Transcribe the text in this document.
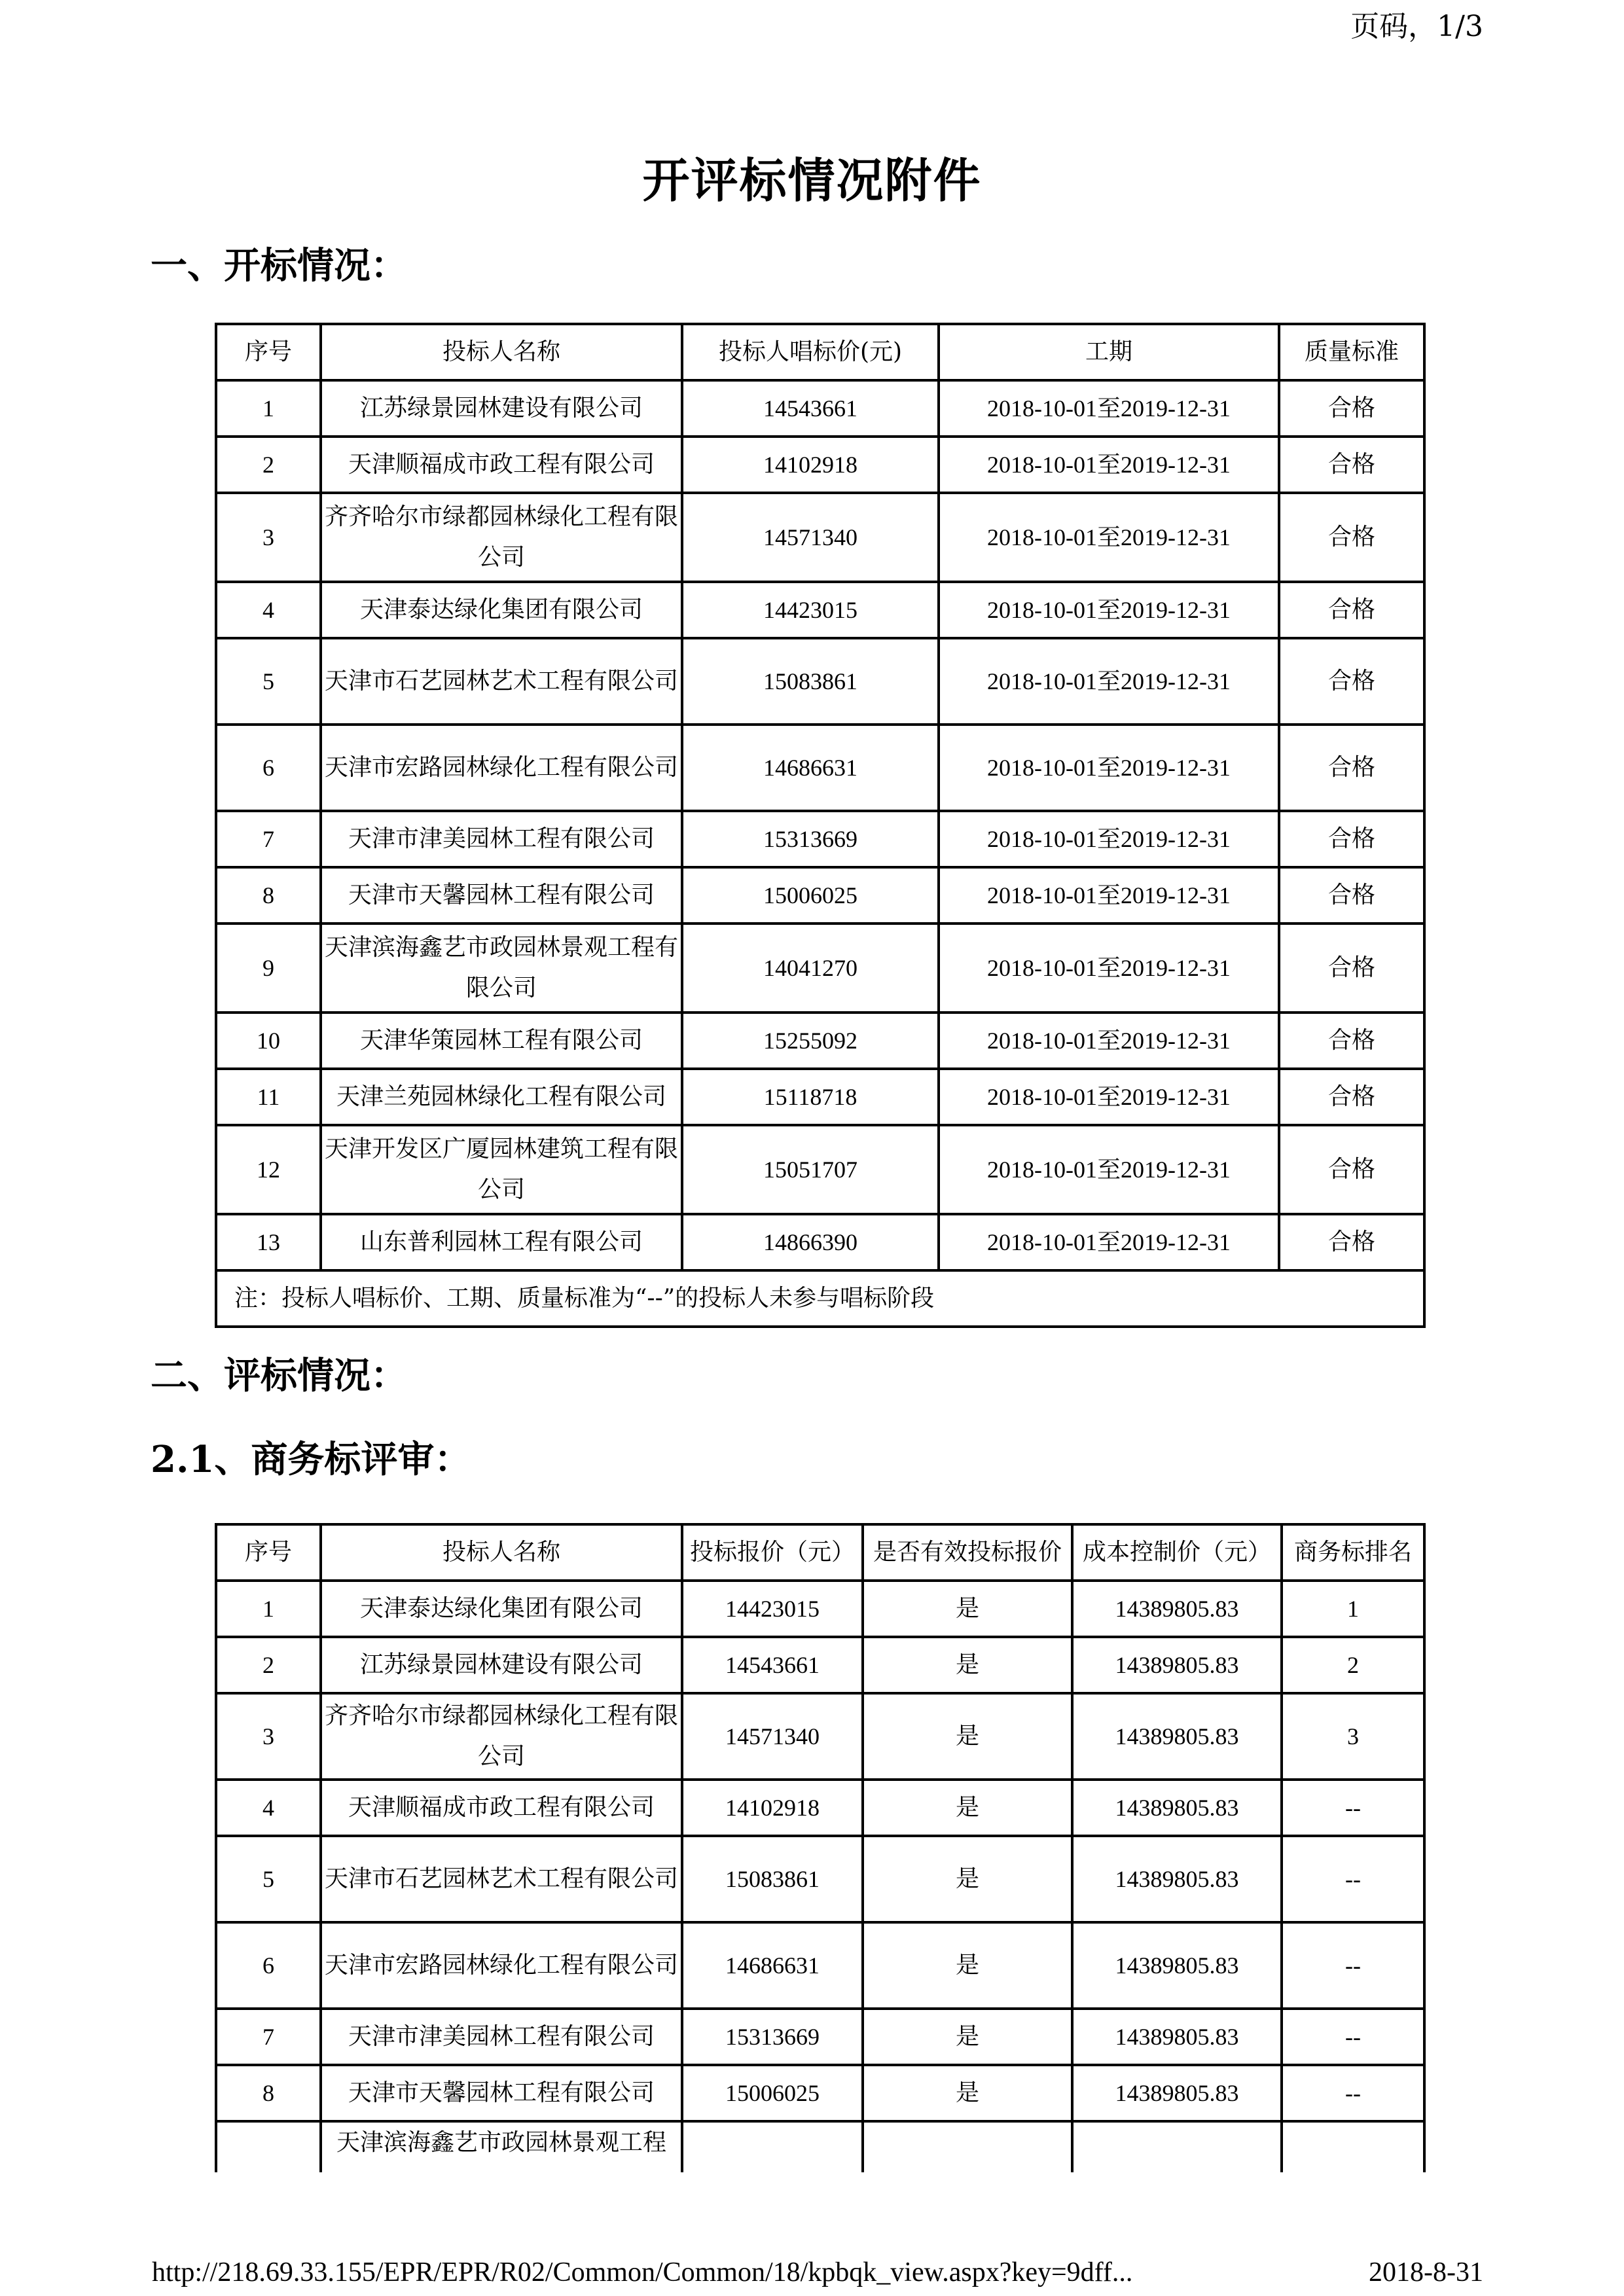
页码，1/3
开评标情况附件
一、开标情况：
序号	投标人名称	投标人唱标价(元)	工期	质量标准
1	江苏绿景园林建设有限公司	14543661	2018-10-01至2019-12-31	合格
2	天津顺福成市政工程有限公司	14102918	2018-10-01至2019-12-31	合格
3	齐齐哈尔市绿都园林绿化工程有限公司	14571340	2018-10-01至2019-12-31	合格
4	天津泰达绿化集团有限公司	14423015	2018-10-01至2019-12-31	合格
5	天津市石艺园林艺术工程有限公司	15083861	2018-10-01至2019-12-31	合格
6	天津市宏路园林绿化工程有限公司	14686631	2018-10-01至2019-12-31	合格
7	天津市津美园林工程有限公司	15313669	2018-10-01至2019-12-31	合格
8	天津市天馨园林工程有限公司	15006025	2018-10-01至2019-12-31	合格
9	天津滨海鑫艺市政园林景观工程有限公司	14041270	2018-10-01至2019-12-31	合格
10	天津华策园林工程有限公司	15255092	2018-10-01至2019-12-31	合格
11	天津兰苑园林绿化工程有限公司	15118718	2018-10-01至2019-12-31	合格
12	天津开发区广厦园林建筑工程有限公司	15051707	2018-10-01至2019-12-31	合格
13	山东普利园林工程有限公司	14866390	2018-10-01至2019-12-31	合格
注：投标人唱标价、工期、质量标准为“--”的投标人未参与唱标阶段				
二、评标情况：
2.1、商务标评审：
序号	投标人名称	投标报价（元）	是否有效投标报价	成本控制价（元）	商务标排名
1	天津泰达绿化集团有限公司	14423015	是	14389805.83	1
2	江苏绿景园林建设有限公司	14543661	是	14389805.83	2
3	齐齐哈尔市绿都园林绿化工程有限公司	14571340	是	14389805.83	3
4	天津顺福成市政工程有限公司	14102918	是	14389805.83	--
5	天津市石艺园林艺术工程有限公司	15083861	是	14389805.83	--
6	天津市宏路园林绿化工程有限公司	14686631	是	14389805.83	--
7	天津市津美园林工程有限公司	15313669	是	14389805.83	--
8	天津市天馨园林工程有限公司	15006025	是	14389805.83	--
	天津滨海鑫艺市政园林景观工程				
http://218.69.33.155/EPR/EPR/R02/Common/Common/18/kpbqk_view.aspx?key=9dff...	2018-8-31
